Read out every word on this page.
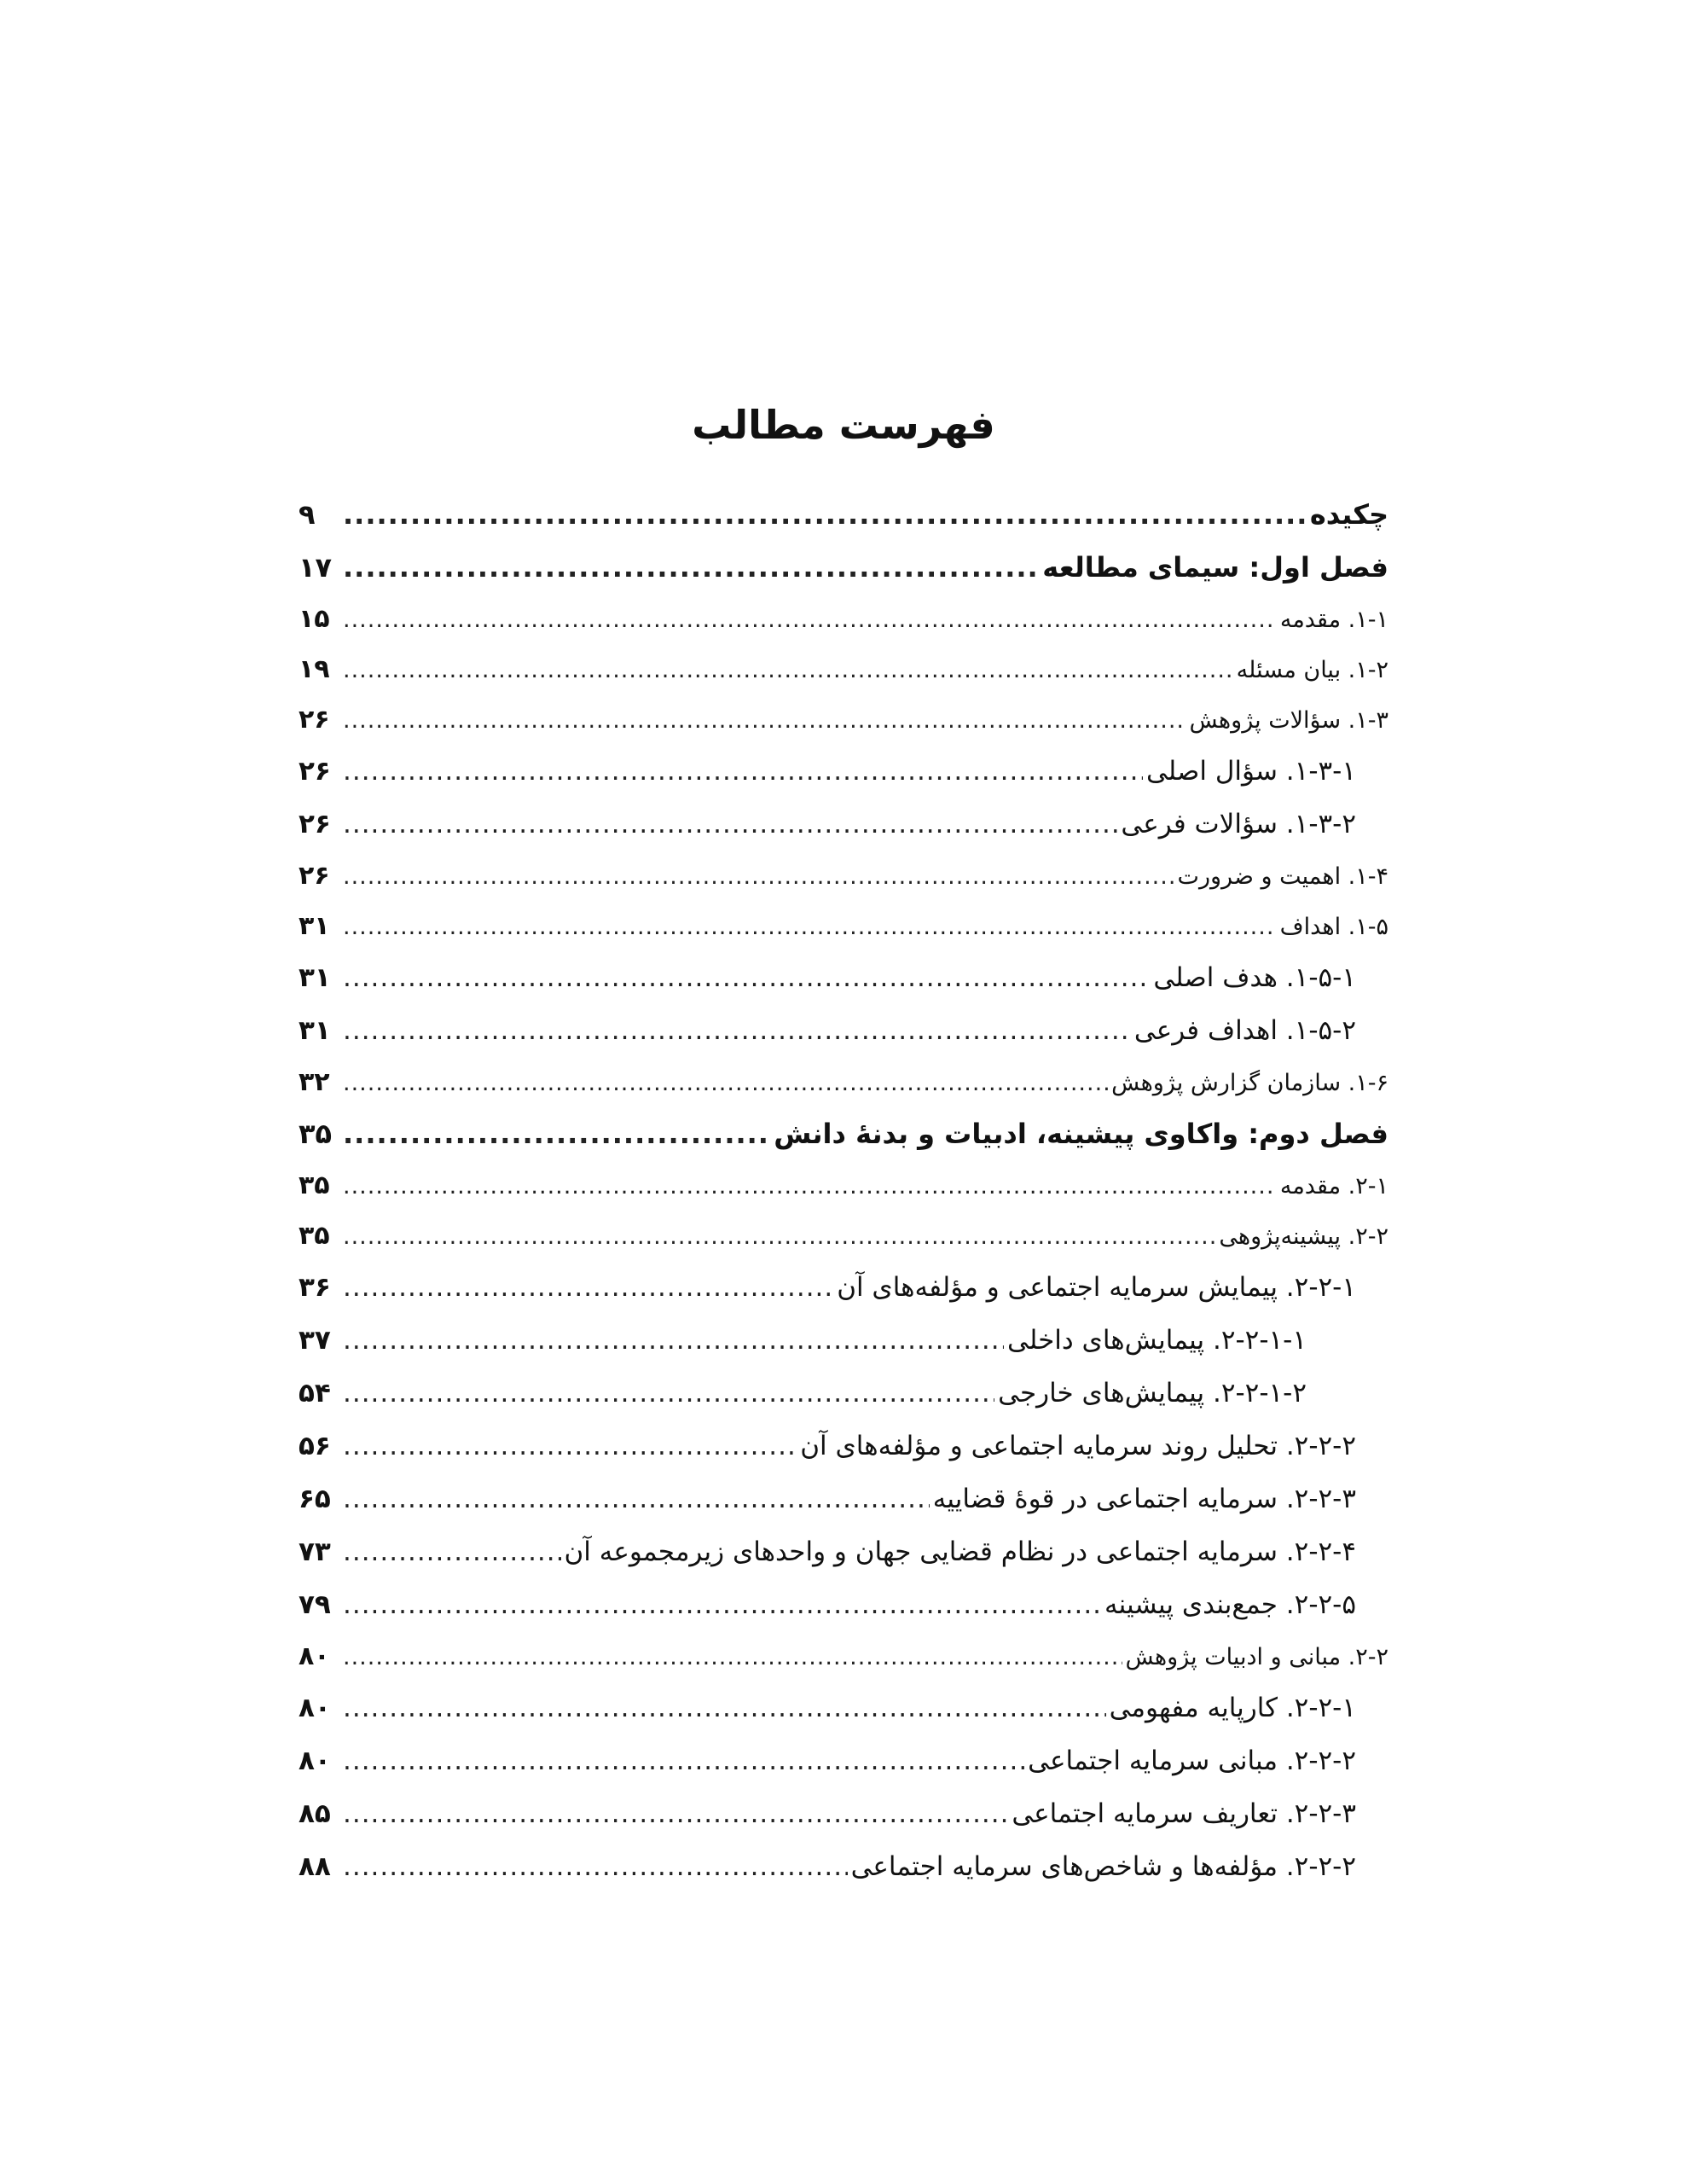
فهرست مطالب
چکیده
.....
۹
فصل اول: سیمای مطالعه
.....
۱۷
۱-۱. مقدمه
.....
۱۵
۱-۲. بیان مسئله
.....
۱۹
۱-۳. سؤالات پژوهش
.....
۲۶
۱-۳-۱. سؤال اصلی
.....
۲۶
۱-۳-۲. سؤالات فرعی
.....
۲۶
۱-۴. اهمیت و ضرورت
.....
۲۶
۱-۵. اهداف
.....
۳۱
۱-۵-۱. هدف اصلی
.....
۳۱
۱-۵-۲. اهداف فرعی
.....
۳۱
۱-۶. سازمان گزارش پژوهش
.....
۳۲
فصل دوم: واکاوی پیشینه، ادبیات و بدنۀ دانش
.....
۳۵
۲-۱. مقدمه
.....
۳۵
۲-۲. پیشینه‌پژوهی
.....
۳۵
۲-۲-۱. پیمایش سرمایه اجتماعی و مؤلفه‌های آن
.....
۳۶
۲-۲-۱-۱. پیمایش‌های داخلی
.....
۳۷
۲-۲-۱-۲. پیمایش‌های خارجی
.....
۵۴
۲-۲-۲. تحلیل روند سرمایه اجتماعی و مؤلفه‌های آن
.....
۵۶
۲-۲-۳. سرمایه اجتماعی در قوۀ قضاییه
.....
۶۵
۲-۲-۴. سرمایه اجتماعی در نظام قضایی جهان و واحدهای زیرمجموعه آن
.....
۷۳
۲-۲-۵. جمع‌بندی پیشینه
.....
۷۹
۲-۲. مبانی و ادبیات پژوهش
.....
۸۰
۲-۲-۱. کارپایه مفهومی
.....
۸۰
۲-۲-۲. مبانی سرمایه اجتماعی
.....
۸۰
۲-۲-۳. تعاریف سرمایه اجتماعی
.....
۸۵
۲-۲-۲. مؤلفه‌ها و شاخص‌های سرمایه اجتماعی
.....
۸۸
